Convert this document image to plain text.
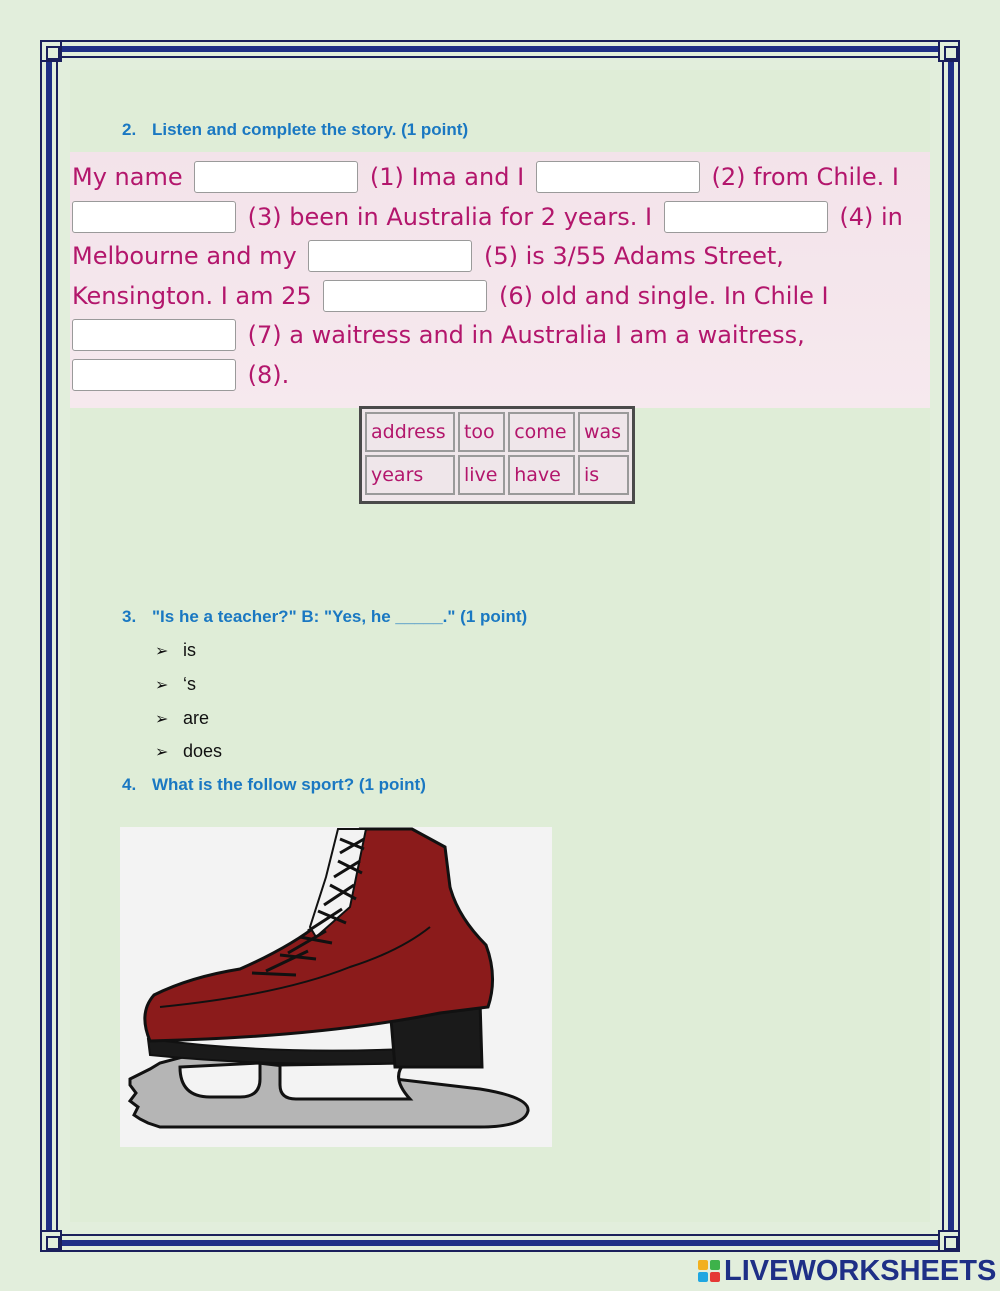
2. Listen and complete the story. (1 point)
My name	(1) Ima and I	(2) from Chile. I
(3) been in Australia for 2 years. I	(4) in
Melbourne and my	(5) is 3/55 Adams Street,
Kensington. I am 25	(6) old and single. In Chile I
(7) a waitress and in Australia I am a waitress,
(8).
address	too	come	was
years	live	have	is
3. "Is he a teacher?" B: "Yes, he _____." (1 point)
➢ is
➢ ‘s
➢ are
➢ does
4. What is the follow sport? (1 point)
LIVEWORKSHEETS
